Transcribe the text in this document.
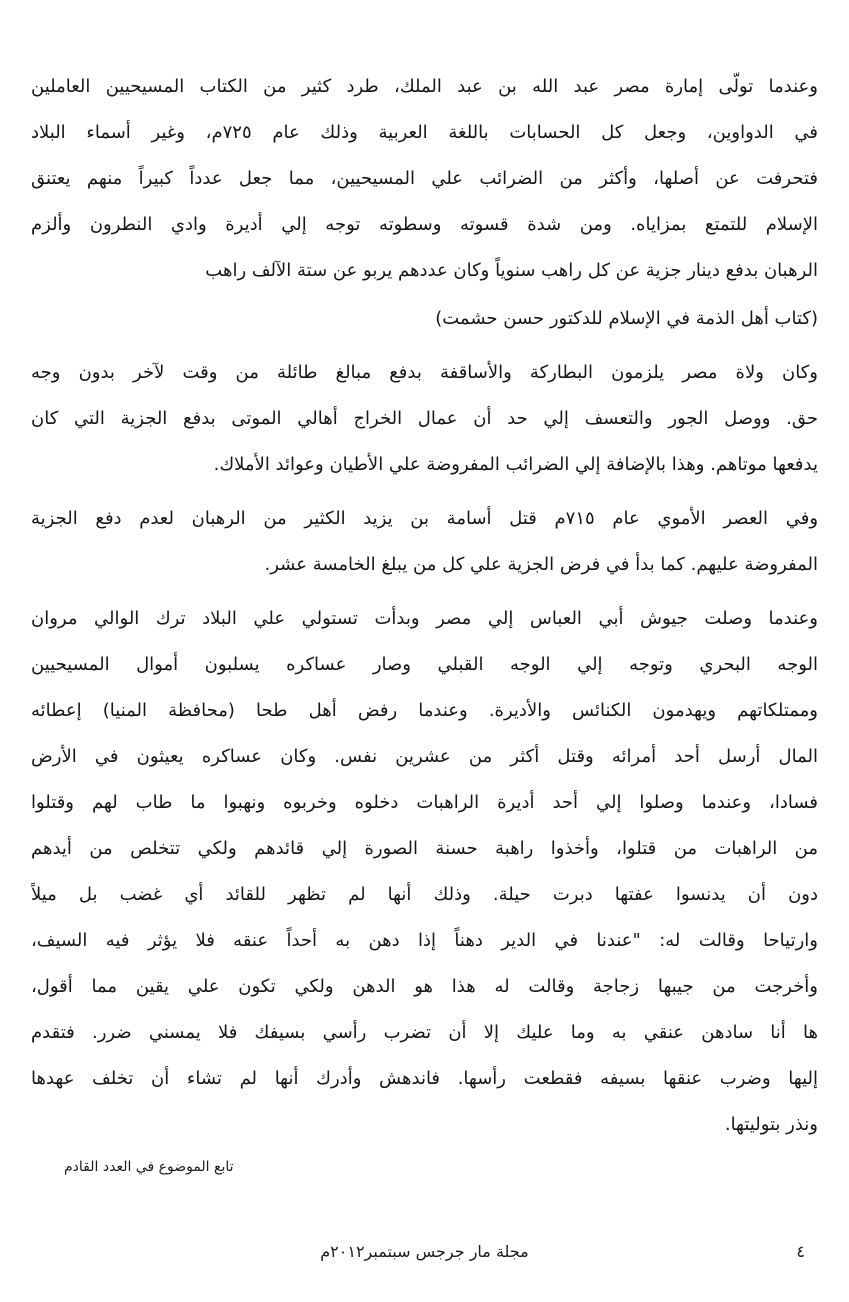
وعندما تولّى إمارة مصر عبد الله بن عبد الملك، طرد كثير من الكتاب المسيحيين العاملين
في الدواوين، وجعل كل الحسابات باللغة العربية وذلك عام ٧٢٥م، وغير أسماء البلاد
فتحرفت عن أصلها، وأكثر من الضرائب علي المسيحيين، مما جعل عدداً كبيراً منهم يعتنق
الإسلام للتمتع بمزاياه. ومن شدة قسوته وسطوته توجه إلي أديرة وادي النطرون وألزم
الرهبان بدفع دينار جزية عن كل راهب سنوياً وكان عددهم يربو عن ستة الآلف راهب
(كتاب أهل الذمة في الإسلام للدكتور حسن حشمت)
وكان ولاة مصر يلزمون البطاركة والأساقفة بدفع مبالغ طائلة من وقت لآخر بدون وجه
حق. ووصل الجور والتعسف إلي حد أن عمال الخراج أهالي الموتى بدفع الجزية التي كان
يدفعها موتاهم. وهذا بالإضافة إلي الضرائب المفروضة علي الأطيان وعوائد الأملاك.
وفي العصر الأموي عام ٧١٥م قتل أسامة بن يزيد الكثير من الرهبان لعدم دفع الجزية
المفروضة عليهم. كما بدأ في فرض الجزية علي كل من يبلغ الخامسة عشر.
وعندما وصلت جيوش أبي العباس إلي مصر وبدأت تستولي علي البلاد ترك الوالي مروان
الوجه البحري وتوجه إلي الوجه القبلي وصار عساكره يسلبون أموال المسيحيين
وممتلكاتهم ويهدمون الكنائس والأديرة. وعندما رفض أهل طحا (محافظة المنيا) إعطائه
المال أرسل أحد أمرائه وقتل أكثر من عشرين نفس. وكان عساكره يعيثون في الأرض
فسادا، وعندما وصلوا إلي أحد أديرة الراهبات دخلوه وخربوه ونهبوا ما طاب لهم وقتلوا
من الراهبات من قتلوا، وأخذوا راهبة حسنة الصورة إلي قائدهم ولكي تتخلص من أيدهم
دون أن يدنسوا عفتها دبرت حيلة. وذلك أنها لم تظهر للقائد أي غضب بل ميلاً
وارتياحا وقالت له: "عندنا في الدير دهناً إذا دهن به أحداً عنقه فلا يؤثر فيه السيف،
وأخرجت من جيبها زجاجة وقالت له هذا هو الدهن ولكي تكون علي يقين مما أقول،
ها أنا سادهن عنقي به وما عليك إلا أن تضرب رأسي بسيفك فلا يمسني ضرر. فتقدم
إليها وضرب عنقها بسيفه فقطعت رأسها. فاندهش وأدرك أنها لم تشاء أن تخلف عهدها
ونذر بتوليتها.
تابع الموضوع في العدد القادم
مجلة مار جرجس سبتمبر٢٠١٢م	٤
